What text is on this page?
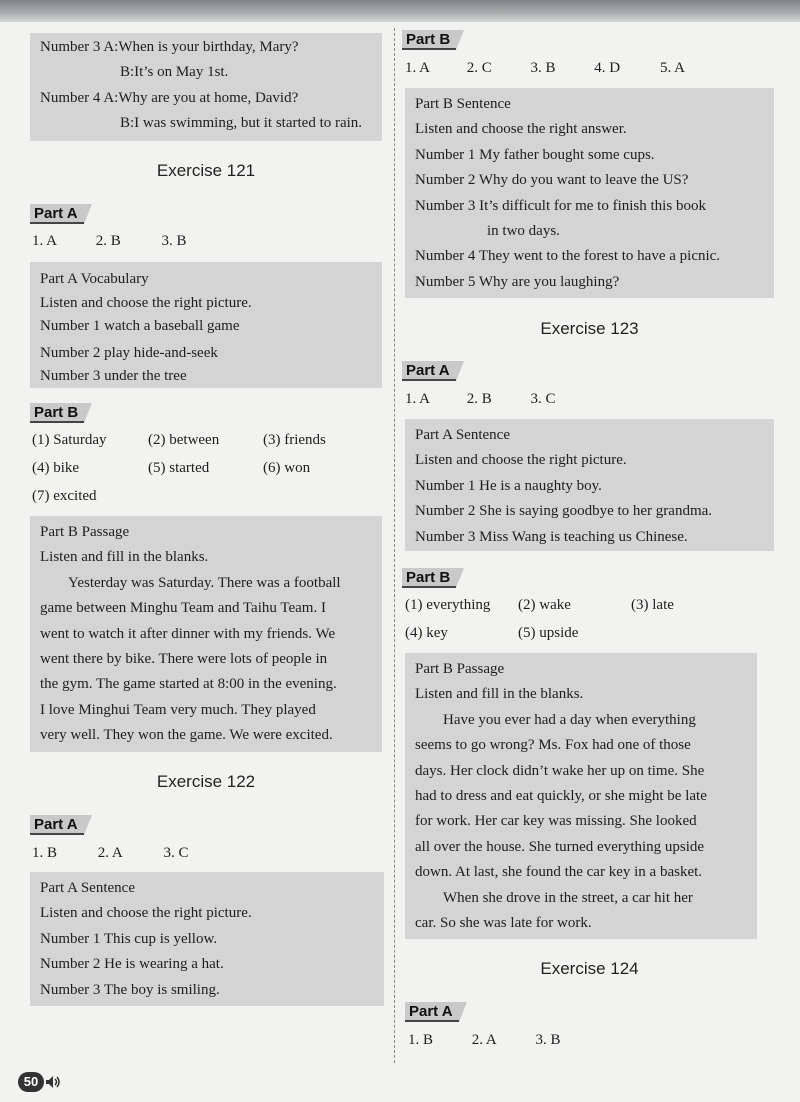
Number 3 A:When is your birthday, Mary?
B:It’s on May 1st.
Number 4 A:Why are you at home, David?
B:I was swimming, but it started to rain.
Exercise 121
Part A
1. A	2. B	3. B
Part A Vocabulary
Listen and choose the right picture.
Number 1 watch a baseball game
Number 2 play hide-and-seek
Number 3 under the tree
Part B
(1) Saturday	(2) between	(3) friends
(4) bike	(5) started	(6) won
(7) excited
Part B Passage
Listen and fill in the blanks.
Yesterday was Saturday. There was a football
game between Minghu Team and Taihu Team. I
went to watch it after dinner with my friends. We
went there by bike. There were lots of people in
the gym. The game started at 8:00 in the evening.
I love Minghui Team very much. They played
very well. They won the game. We were excited.
Exercise 122
Part A
1. B	2. A	3. C
Part A Sentence
Listen and choose the right picture.
Number 1 This cup is yellow.
Number 2 He is wearing a hat.
Number 3 The boy is smiling.
Part B
1. A 2. C	3. B	4. D	5. A
Part B Sentence
Listen and choose the right answer.
Number 1 My father bought some cups.
Number 2 Why do you want to leave the US?
Number 3 It’s difficult for me to finish this book
in two days.
Number 4 They went to the forest to have a picnic.
Number 5 Why are you laughing?
Exercise 123
Part A
1. A 2. B	3. C
Part A Sentence
Listen and choose the right picture.
Number 1 He is a naughty boy.
Number 2 She is saying goodbye to her grandma.
Number 3 Miss Wang is teaching us Chinese.
Part B
(1) everything (2) wake	(3) late
(4) key	(5) upside
Part B Passage
Listen and fill in the blanks.
Have you ever had a day when everything
seems to go wrong? Ms. Fox had one of those
days. Her clock didn’t wake her up on time. She
had to dress and eat quickly, or she might be late
for work. Her car key was missing. She looked
all over the house. She turned everything upside
down. At last, she found the car key in a basket.
When she drove in the street, a car hit her
car. So she was late for work.
Exercise 124
Part A
1. B	2. A	3. B
50
